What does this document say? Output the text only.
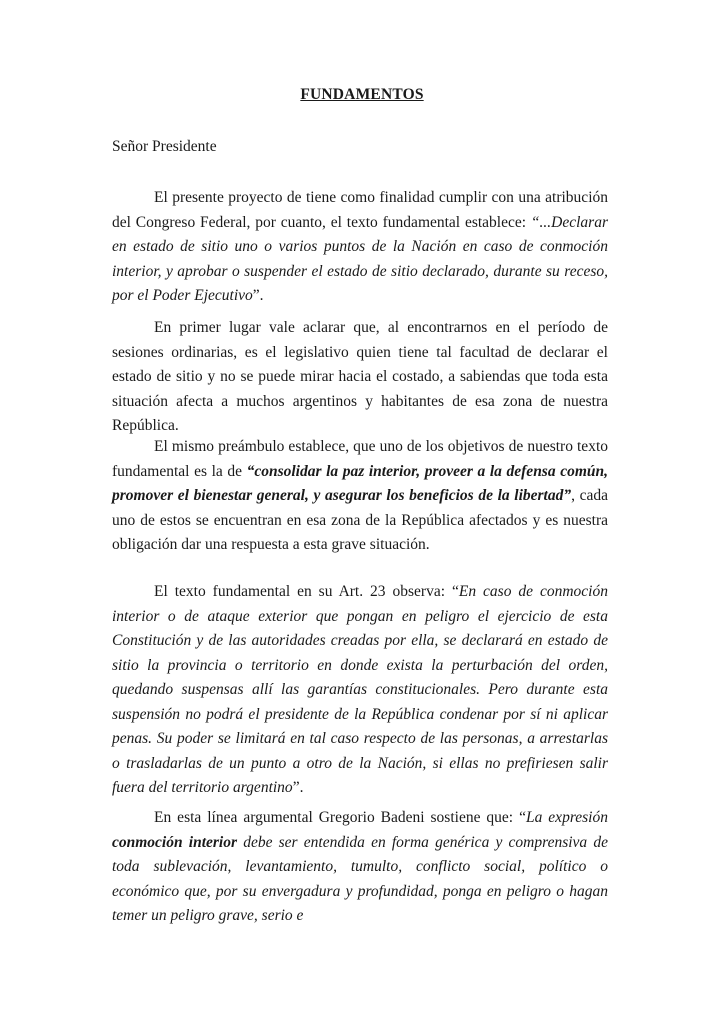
FUNDAMENTOS
Señor Presidente

El presente proyecto de tiene como finalidad cumplir con una atribución del Congreso Federal, por cuanto, el texto fundamental establece: “...Declarar en estado de sitio uno o varios puntos de la Nación en caso de conmoción interior, y aprobar o suspender el estado de sitio declarado, durante su receso, por el Poder Ejecutivo”.

En primer lugar vale aclarar que, al encontrarnos en el período de sesiones ordinarias, es el legislativo quien tiene tal facultad de declarar el estado de sitio y no se puede mirar hacia el costado, a sabiendas que toda esta situación afecta a muchos argentinos y habitantes de esa zona de nuestra República.

El mismo preámbulo establece, que uno de los objetivos de nuestro texto fundamental es la de “consolidar la paz interior, proveer a la defensa común, promover el bienestar general, y asegurar los beneficios de la libertad”, cada uno de estos se encuentran en esa zona de la República afectados y es nuestra obligación dar una respuesta a esta grave situación.

El texto fundamental en su Art. 23 observa: “En caso de conmoción interior o de ataque exterior que pongan en peligro el ejercicio de esta Constitución y de las autoridades creadas por ella, se declarará en estado de sitio la provincia o territorio en donde exista la perturbación del orden, quedando suspensas allí las garantías constitucionales. Pero durante esta suspensión no podrá el presidente de la República condenar por sí ni aplicar penas. Su poder se limitará en tal caso respecto de las personas, a arrestarlas o trasladarlas de un punto a otro de la Nación, si ellas no prefiriesen salir fuera del territorio argentino”.

En esta línea argumental Gregorio Badeni sostiene que: “La expresión conmoción interior debe ser entendida en forma genérica y comprensiva de toda sublevación, levantamiento, tumulto, conflicto social, político o económico que, por su envergadura y profundidad, ponga en peligro o hagan temer un peligro grave, serio e
